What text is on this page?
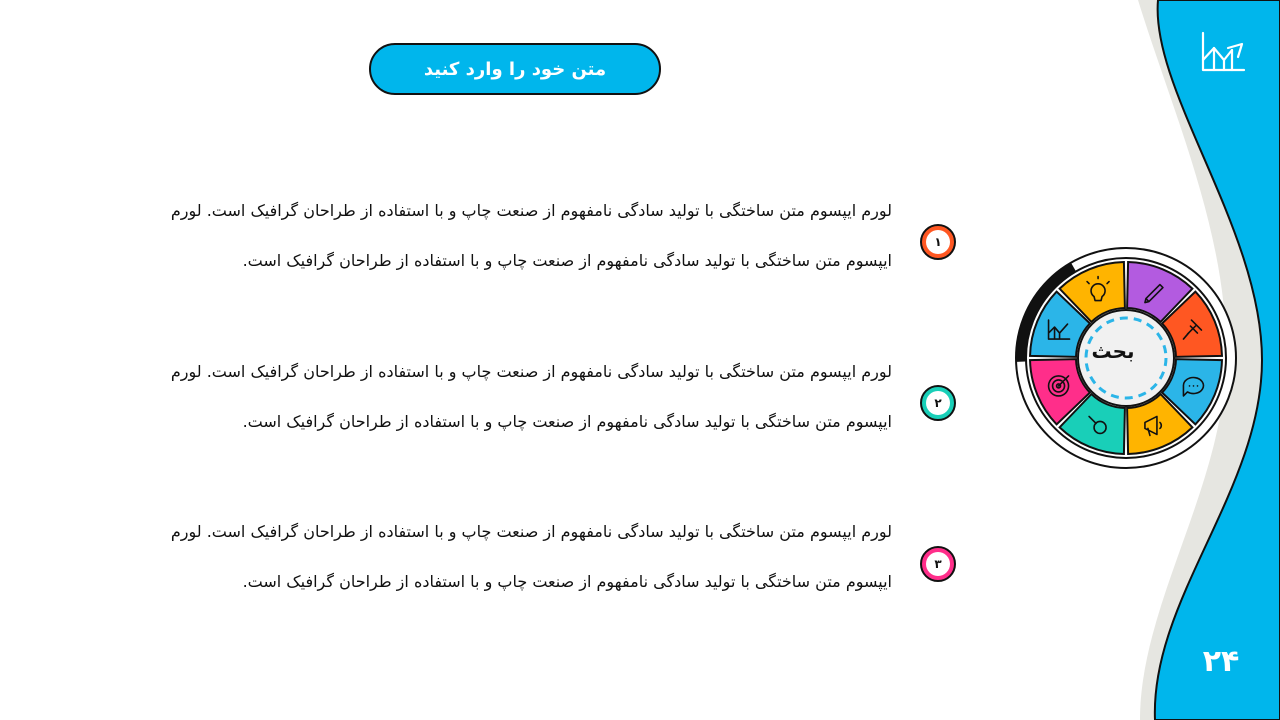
متن خود را وارد کنید
لورم ایپسوم متن ساختگی با تولید سادگی نامفهوم از صنعت چاپ و با استفاده از طراحان گرافیک است. لورم
ایپسوم متن ساختگی با تولید سادگی نامفهوم از صنعت چاپ و با استفاده از طراحان گرافیک است.
۱
لورم ایپسوم متن ساختگی با تولید سادگی نامفهوم از صنعت چاپ و با استفاده از طراحان گرافیک است. لورم
ایپسوم متن ساختگی با تولید سادگی نامفهوم از صنعت چاپ و با استفاده از طراحان گرافیک است.
۲
لورم ایپسوم متن ساختگی با تولید سادگی نامفهوم از صنعت چاپ و با استفاده از طراحان گرافیک است. لورم
ایپسوم متن ساختگی با تولید سادگی نامفهوم از صنعت چاپ و با استفاده از طراحان گرافیک است.
۳
بحث
۲۴
